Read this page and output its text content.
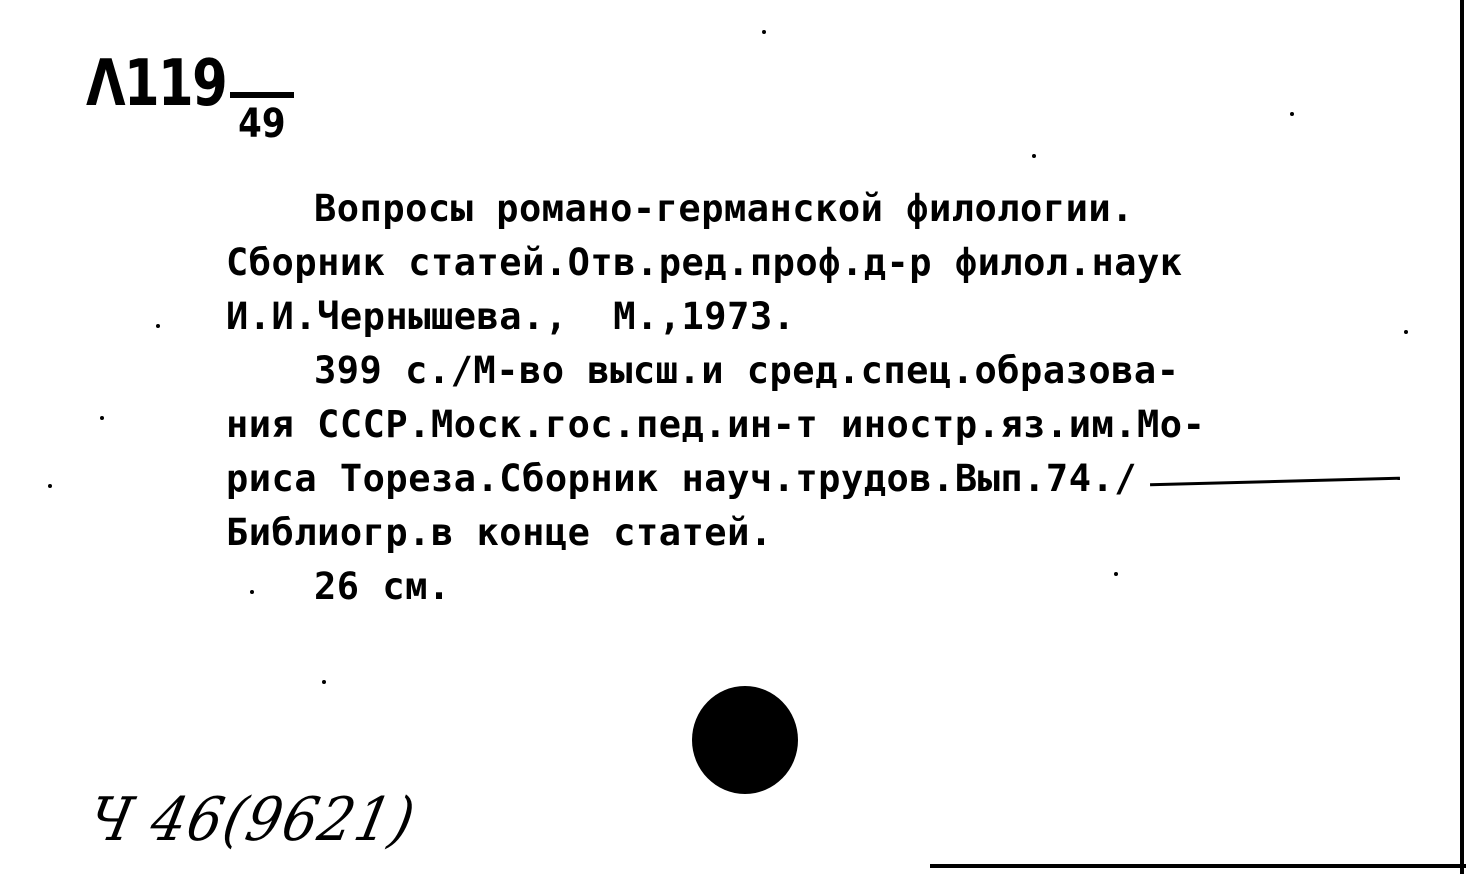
Λ119
49
Вопросы романо-германской филологии.
Сборник статей.Отв.ред.проф.д-р филол.наук
И.И.Чернышева.,  М.,1973.
399 с./М-во высш.и сред.спец.образова-
ния СССР.Моск.гос.пед.ин-т иностр.яз.им.Мо-
риса Тореза.Сборник науч.трудов.Вып.74./
Библиогр.в конце статей.
26 см.
Ч 46(9621)
